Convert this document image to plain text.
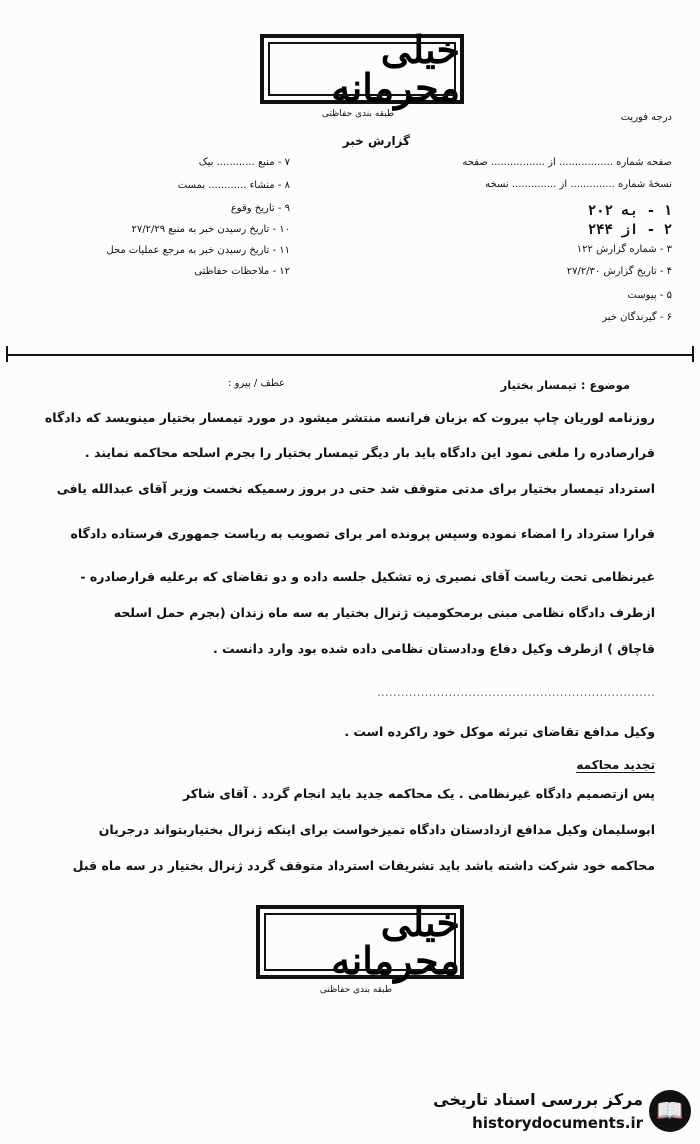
خیلی محرمانه
طبقه بندی حفاظتی	درجه فوریت
گزارش خبر
صفحه شماره ................. از ................. صفحه
نسخهٔ شماره .............. از .............. نسخه
۱ - به ۲۰۲
۲ - از ۲۴۴
۳ - شماره گزارش ۱۲۲
۴ - تاریخ گزارش ۲۷/۲/۳۰
۵ - پیوست
۶ - گیرندگان خبر
۷ - منبع ............ بیک
۸ - منشاء ............ بمست
۹ - تاریخ وقوع
۱۰ - تاریخ رسیدن خبر به منبع ۲۷/۲/۲۹
۱۱ - تاریخ رسیدن خبر به مرجع عملیات محل
۱۲ - ملاحظات حفاظتی
موضوع : تیمسار بختیار
عطف / پیرو :
روزنامه لوریان چاپ بیروت که بزبان فرانسه منتشر میشود در مورد تیمسار بختیار مینویسد که دادگاه
قرارصادره را ملغی نمود این دادگاه باید بار دیگر تیمسار بختیار را بجرم اسلحه محاکمه نمایند .
استرداد تیمسار بختیار برای مدتی متوقف شد حتی در بروز رسمیکه نخست وزیر آقای عبدالله یافی
قرارا سترداد را امضاء نموده وسپس پرونده امر برای تصویب به ریاست جمهوری فرستاده دادگاه
غیرنظامی تحت ریاست آقای نصیری زه تشکیل جلسه داده و دو تقاضای که برعلیه قرارصادره -
ازطرف دادگاه نظامی مبنی برمحکومیت ژنرال بختیار به سه ماه زندان (بجرم حمل اسلحه
قاچاق ) ازطرف وکیل دفاع ودادستان نظامی داده شده بود وارد دانست .
......................................................................
وکیل مدافع تقاضای تبرئه موکل خود راکرده است .
تجدید محاکمه
پس ازتصمیم دادگاه غیرنظامی . یک محاکمه جدید باید انجام گردد . آقای شاکر
ابوسلیمان وکیل مدافع ازدادستان دادگاه تمیزخواست برای اینکه ژنرال بختیاربتواند درجریان
محاکمه خود شرکت داشته باشد باید تشریفات استرداد متوقف گردد ژنرال بختیار در سه ماه قبل
خیلی محرمانه
طبقه بندی حفاظتی
📖
مرکز بررسی اسناد تاریخی
historydocuments.ir
